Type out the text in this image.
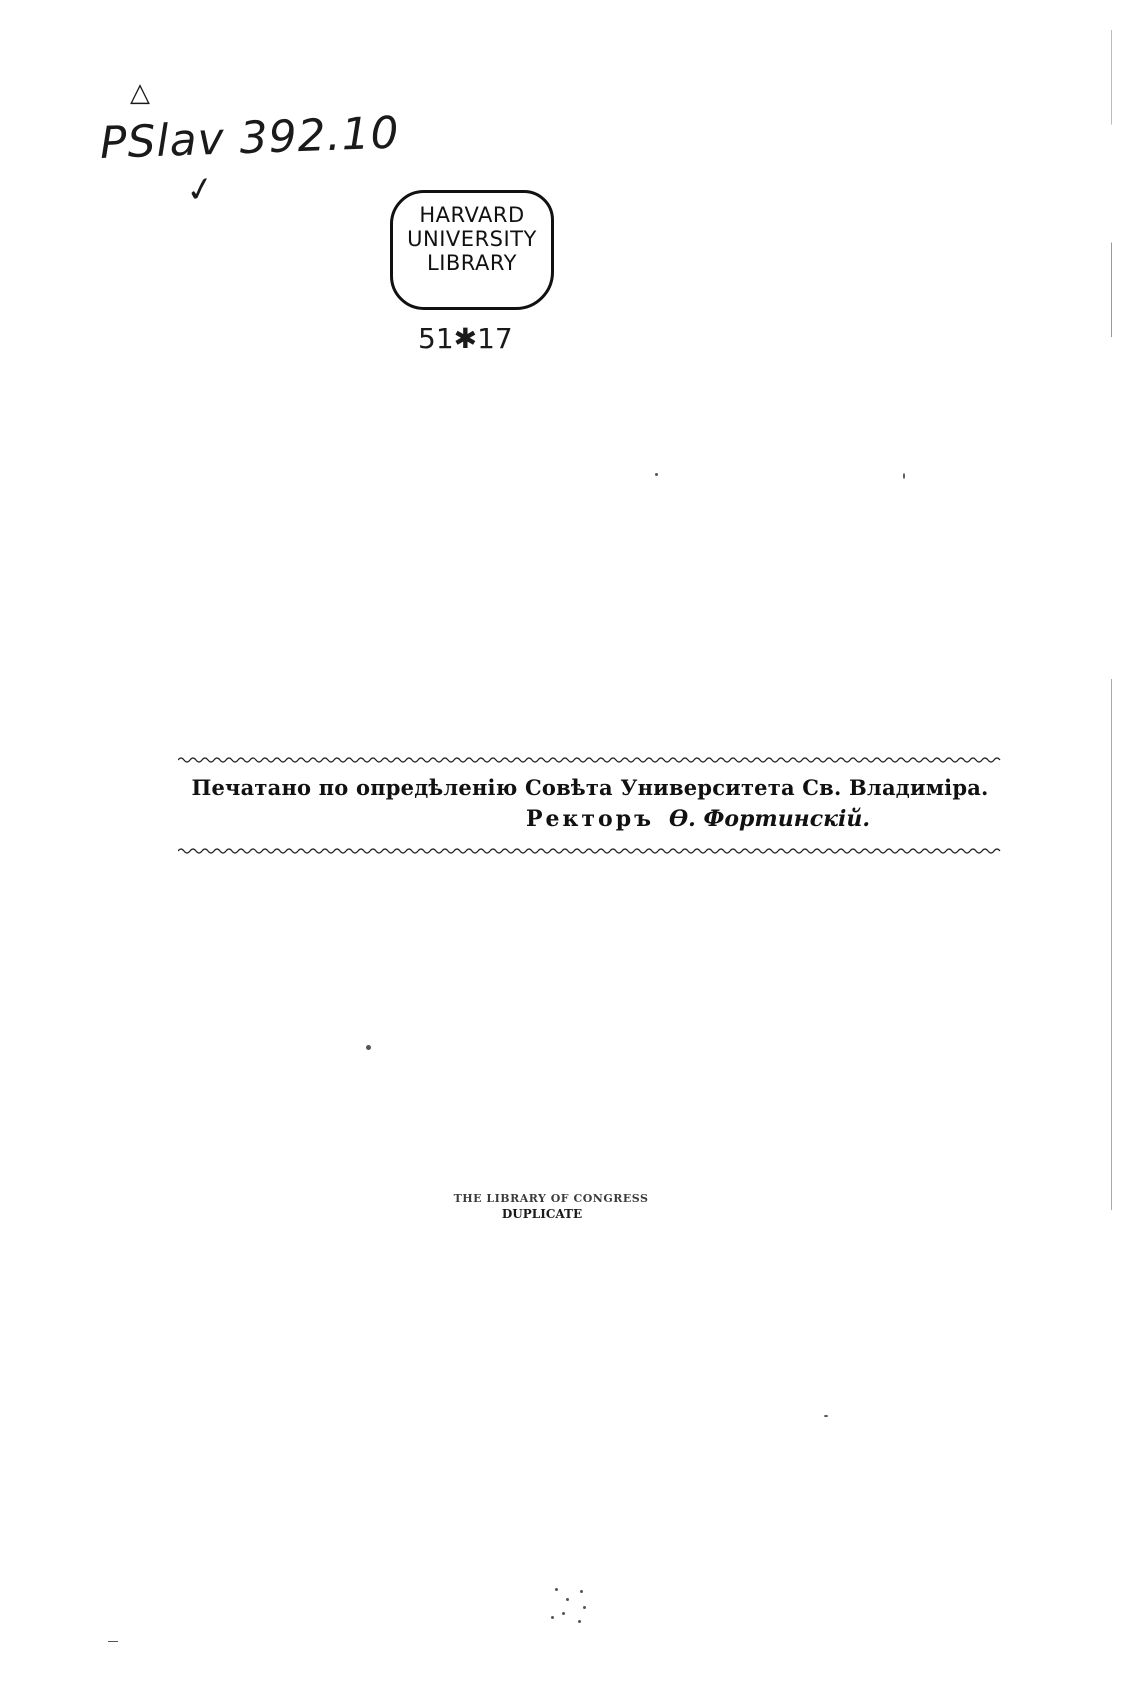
△
PSlav 392.10
✓
HARVARD
UNIVERSITY
LIBRARY
51✱17
Печатано по опредѣленію Совѣта Университета Св. Владиміра.
Ректоръ Ѳ. Фортинскій.
THE LIBRARY OF CONGRESS
DUPLICATE
